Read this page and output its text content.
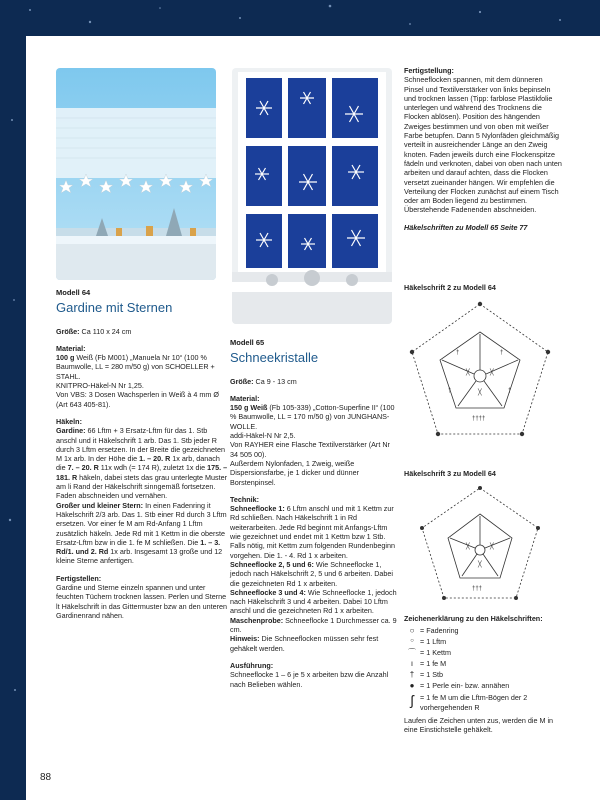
Modell 64
Gardine mit Sternen

Größe: Ca 110 x 24 cm

Material:
100 g Weiß (Fb M001) „Manuela Nr 10“ (100 % Baumwolle, LL = 280 m/50 g) von SCHOELLER + STAHL.
KNITPRO-Häkel-N Nr 1,25.

Von VBS: 3 Dosen Wachsperlen in Weiß à 4 mm Ø (Art 643 405-81).

Häkeln:
Gardine: 66 Lftm + 3 Ersatz-Lftm für das 1. Stb anschl und it Häkelschrift 1 arb. Das 1. Stb jeder R durch 3 Lftm ersetzen. In der Breite die gezeichneten M 1x arb. In der Höhe die 1. – 20. R 1x arb, danach die 7. – 20. R 11x wdh (= 174 R), zuletzt 1x die 175. – 181. R häkeln, dabei stets das grau unterlegte Muster am li Rand der Häkelschrift sinngemäß fortsetzen. Faden abschneiden und vernähen.

Großer und kleiner Stern: In einen Fadenring it Häkelschrift 2/3 arb. Das 1. Stb einer Rd durch 3 Lftm ersetzen. Vor einer fe M am Rd-Anfang 1 Lftm zusätzlich häkeln. Jede Rd mit 1 Kettm in die oberste Ersatz-Lftm bzw in die 1. fe M schließen. Die 1. – 3. Rd/1. und 2. Rd 1x arb. Insgesamt 13 große und 12 kleine Sterne anfertigen.

Fertigstellen:

Gardine und Sterne einzeln spannen und unter feuchten Tüchern trocknen lassen. Perlen und Sterne lt Häkelschrift in das Gittermuster bzw an den unteren Gardinenrand nähen.

Modell 65
Schneekristalle

Größe: Ca 9 - 13 cm

Material:
150 g Weiß (Fb 105-339) „Cotton-Superfine II“ (100 % Baumwolle, LL = 170 m/50 g) von JUNGHANS-WOLLE.
addi-Häkel-N Nr 2,5.
Von RAYHER eine Flasche Textilverstärker (Art Nr 34 505 00).

Außerdem Nylonfaden, 1 Zweig, weiße Dispersionsfarbe, je 1 dicker und dünner Borstenpinsel.

Technik:
Schneeflocke 1: 6 Lftm anschl und mit 1 Kettm zur Rd schließen. Nach Häkelschrift 1 in Rd weiterarbeiten. Jede Rd beginnt mit Anfangs-Lftm wie gezeichnet und endet mit 1 Kettm bzw 1 Stb. Falls nötig, mit Kettm zum folgenden Rundenbeginn vorgehen. Die 1. - 4. Rd 1 x arbeiten.
Schneeflocke 2, 5 und 6: Wie Schneeflocke 1, jedoch nach Häkelschrift 2, 5 und 6 arbeiten. Dabei die gezeichneten Rd 1 x arbeiten.
Schneeflocke 3 und 4: Wie Schneeflocke 1, jedoch nach Häkelschrift 3 und 4 arbeiten. Dabei 10 Lftm anschl und die gezeichneten Rd 1 x arbeiten.
Maschenprobe: Schneeflocke 1 Durchmesser ca. 9 cm.

Hinweis: Die Schneeflocken müssen sehr fest gehäkelt werden.

Ausführung:

Schneeflocke 1 – 6 je 5 x arbeiten bzw die Anzahl nach Belieben wählen.

Fertigstellung:

Schneeflocken spannen, mit dem dünneren Pinsel und Textilverstärker von links bepinseln und trocknen lassen (Tipp: farblose Plastikfolie unterlegen und während des Trocknens die Flocken ablösen). Position des hängenden Zweiges bestimmen und von oben mit weißer Farbe betupfen. Dann 5 Nylonfäden gleichmäßig verteilt in ausreichender Länge an den Zweig knoten. Faden jeweils durch eine Flockenspitze fädeln und verknoten, dabei von oben nach unten arbeiten und darauf achten, dass die Flocken versetzt zueinander hängen. Wir empfehlen die Verteilung der Flocken zunächst auf einem Tisch oder am Boden liegend zu bestimmen. Überstehende Fadenenden abschneiden.

Häkelschriften zu Modell 65 Seite 77

Häkelschrift 2 zu Modell 64
╳	╳
╳
†	†
†	†
††††
Häkelschrift 3 zu Modell 64
╳	╳
╳
†††
Zeichenerklärung zu den Häkelschriften:
○ = Fadenring
○ = 1 Lftm
⌒ = 1 Kettm
ı = 1 fe M
† = 1 Stb
● = 1 Perle ein- bzw. annähen
ʃ = 1 fe M um die Lftm-Bögen der 2 vorhergehenden R

Laufen die Zeichen unten zus, werden die M in eine Einstichstelle gehäkelt.

88	PassionForum.ru
